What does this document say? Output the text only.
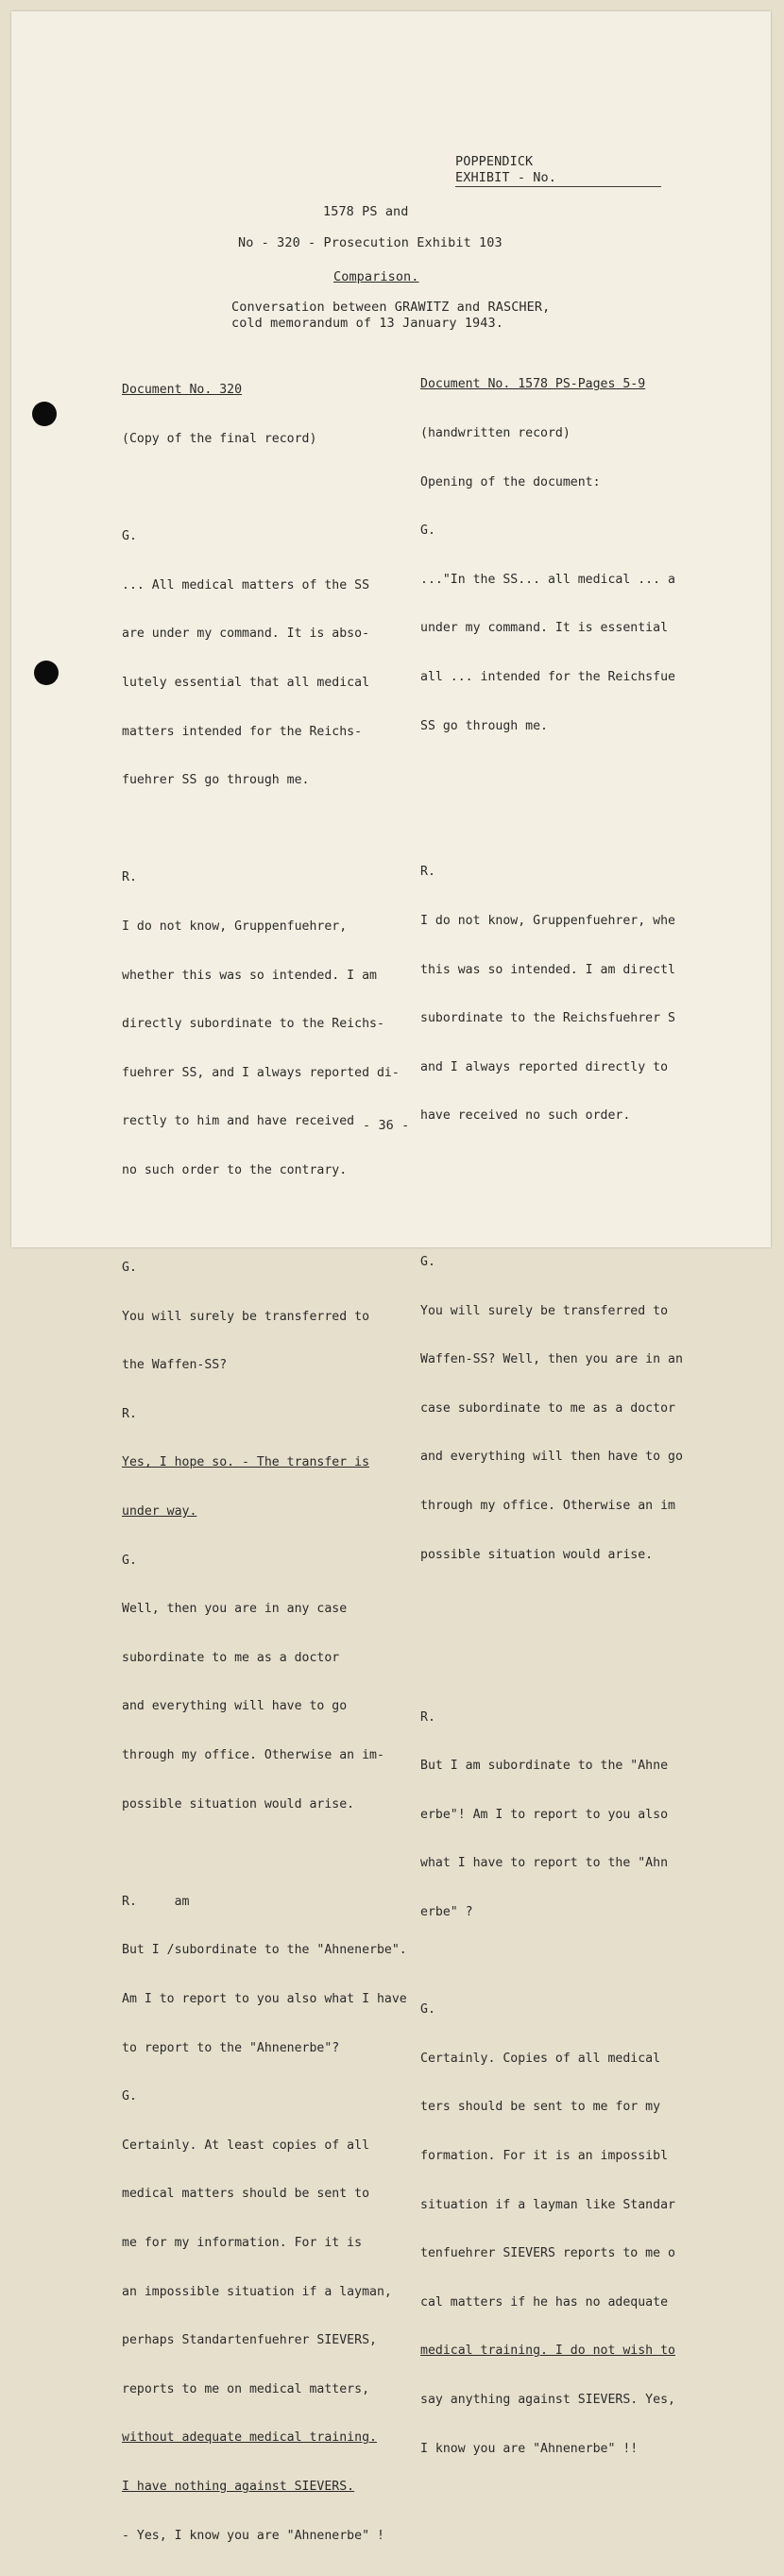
POPPENDICK
EXHIBIT - No.
1578 PS and
No - 320 - Prosecution Exhibit 103
Comparison.
Conversation between GRAWITZ and RASCHER,
cold memorandum of 13 January 1943.

Document No. 320

(Copy of the final record)

G.

... All medical matters of the SS

are under my command. It is abso-

lutely essential that all medical

matters intended for the Reichs-

fuehrer SS go through me.

R.

I do not know, Gruppenfuehrer,

whether this was so intended. I am

directly subordinate to the Reichs-

fuehrer SS, and I always reported di-

rectly to him and have received

no such order to the contrary.

G.

You will surely be transferred to

the Waffen-SS?

R.

Yes, I hope so. - The transfer is

under way.

G.

Well, then you are in any case

subordinate to me as a doctor

and everything will have to go

through my office. Otherwise an im-

possible situation would arise.

R.     am

But I /subordinate to the "Ahnenerbe".

Am I to report to you also what I have

to report to the "Ahnenerbe"?

G.

Certainly. At least copies of all

medical matters should be sent to

me for my information. For it is

an impossible situation if a layman,

perhaps Standartenfuehrer SIEVERS,

reports to me on medical matters,

without adequate medical training.

I have nothing against SIEVERS.

- Yes, I know you are "Ahnenerbe" !

Document No. 1578 PS-Pages 5-9

(handwritten record)

Opening of the document:

G.

..."In the SS... all medical ... a

under my command. It is essential

all ... intended for the Reichsfue

SS go through me.

R.

I do not know, Gruppenfuehrer, whe

this was so intended. I am directl

subordinate to the Reichsfuehrer S

and I always reported directly to

have received no such order.

G.

You will surely be transferred to

Waffen-SS? Well, then you are in an

case subordinate to me as a doctor

and everything will then have to go

through my office. Otherwise an im

possible situation would arise.

R.

But I am subordinate to the "Ahne

erbe"! Am I to report to you also

what I have to report to the "Ahn

erbe" ?

G.

Certainly. Copies of all medical

ters should be sent to me for my

formation. For it is an impossibl

situation if a layman like Standar

tenfuehrer SIEVERS reports to me o

cal matters if he has no adequate

medical training. I do not wish to

say anything against SIEVERS. Yes,

I know you are "Ahnenerbe" !!

- 36 -
